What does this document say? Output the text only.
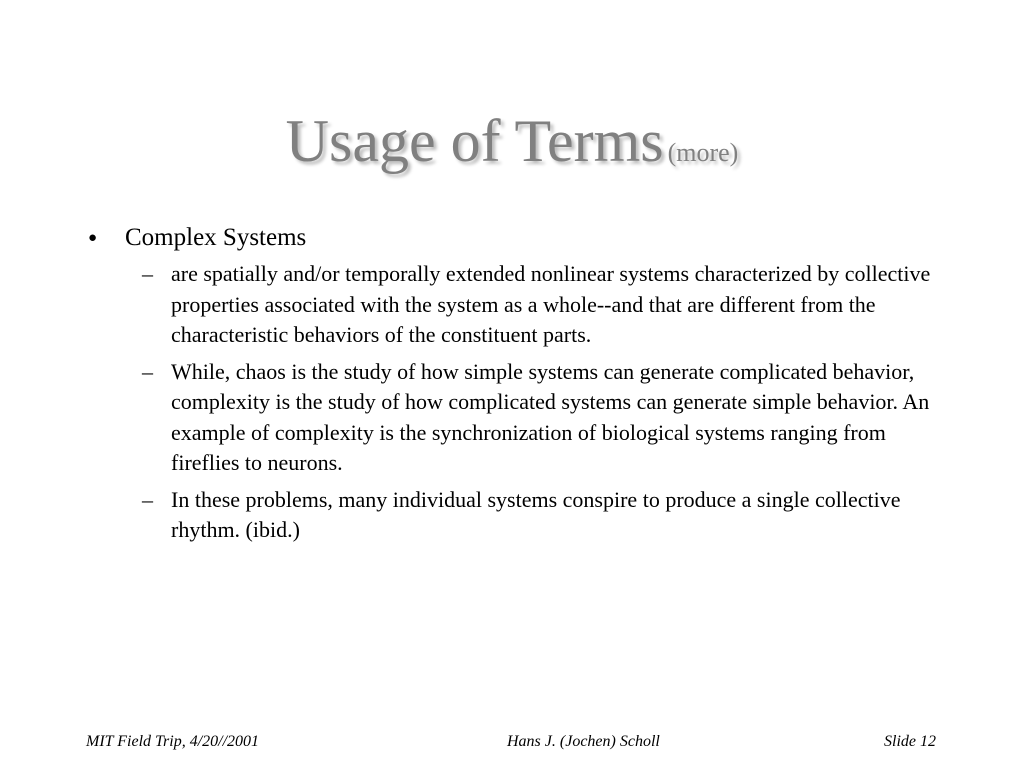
Usage of Terms (more)
● Complex Systems
– are spatially and/or temporally extended nonlinear systems characterized by collective properties associated with the system as a whole--and that are different from the characteristic behaviors of the constituent parts.
– While, chaos is the study of how simple systems can generate complicated behavior, complexity is the study of how complicated systems can generate simple behavior. An example of complexity is the synchronization of biological systems ranging from fireflies to neurons.
– In these problems, many individual systems conspire to produce a single collective rhythm. (ibid.)
MIT Field Trip, 4/20//2001	Hans J. (Jochen) Scholl	Slide 12
